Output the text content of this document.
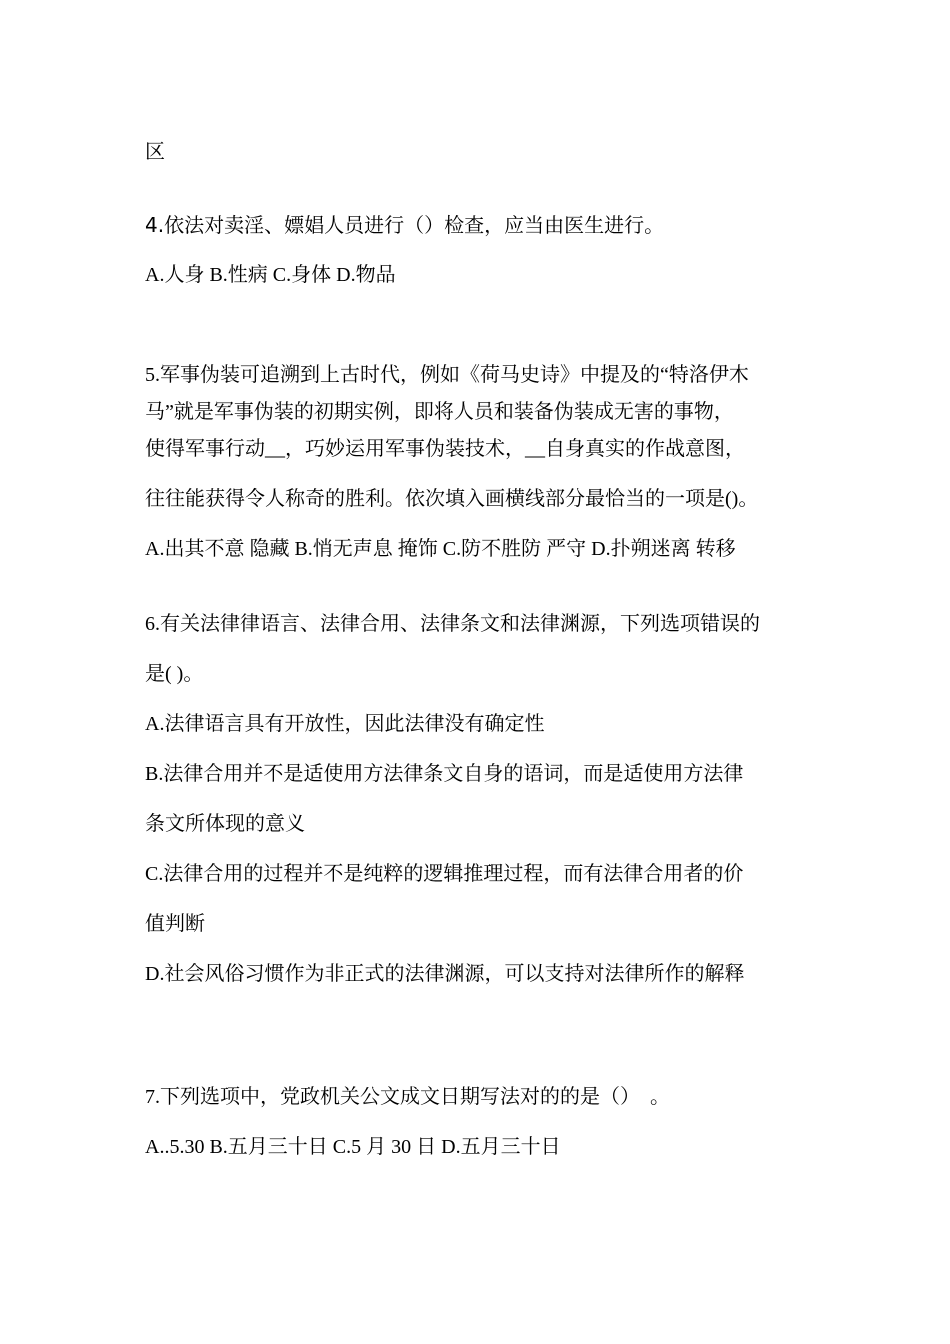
区
4.依法对卖淫、嫖娼人员进行（）检查，应当由医生进行。
A.人身 B.性病 C.身体 D.物品
5.军事伪装可追溯到上古时代，例如《荷马史诗》中提及的“特洛伊木
马”就是军事伪装的初期实例，即将人员和装备伪装成无害的事物，
使得军事行动__，巧妙运用军事伪装技术，__自身真实的作战意图，
往往能获得令人称奇的胜利。依次填入画横线部分最恰当的一项是()。
A.出其不意 隐藏 B.悄无声息 掩饰 C.防不胜防 严守 D.扑朔迷离 转移
6.有关法律律语言、法律合用、法律条文和法律渊源，下列选项错误的
是( )。
A.法律语言具有开放性，因此法律没有确定性
B.法律合用并不是适使用方法律条文自身的语词，而是适使用方法律
条文所体现的意义
C.法律合用的过程并不是纯粹的逻辑推理过程，而有法律合用者的价
值判断
D.社会风俗习惯作为非正式的法律渊源，可以支持对法律所作的解释
7.下列选项中，党政机关公文成文日期写法对的的是（）　。
A..5.30 B.五月三十日 C.5 月 30 日 D.五月三十日
